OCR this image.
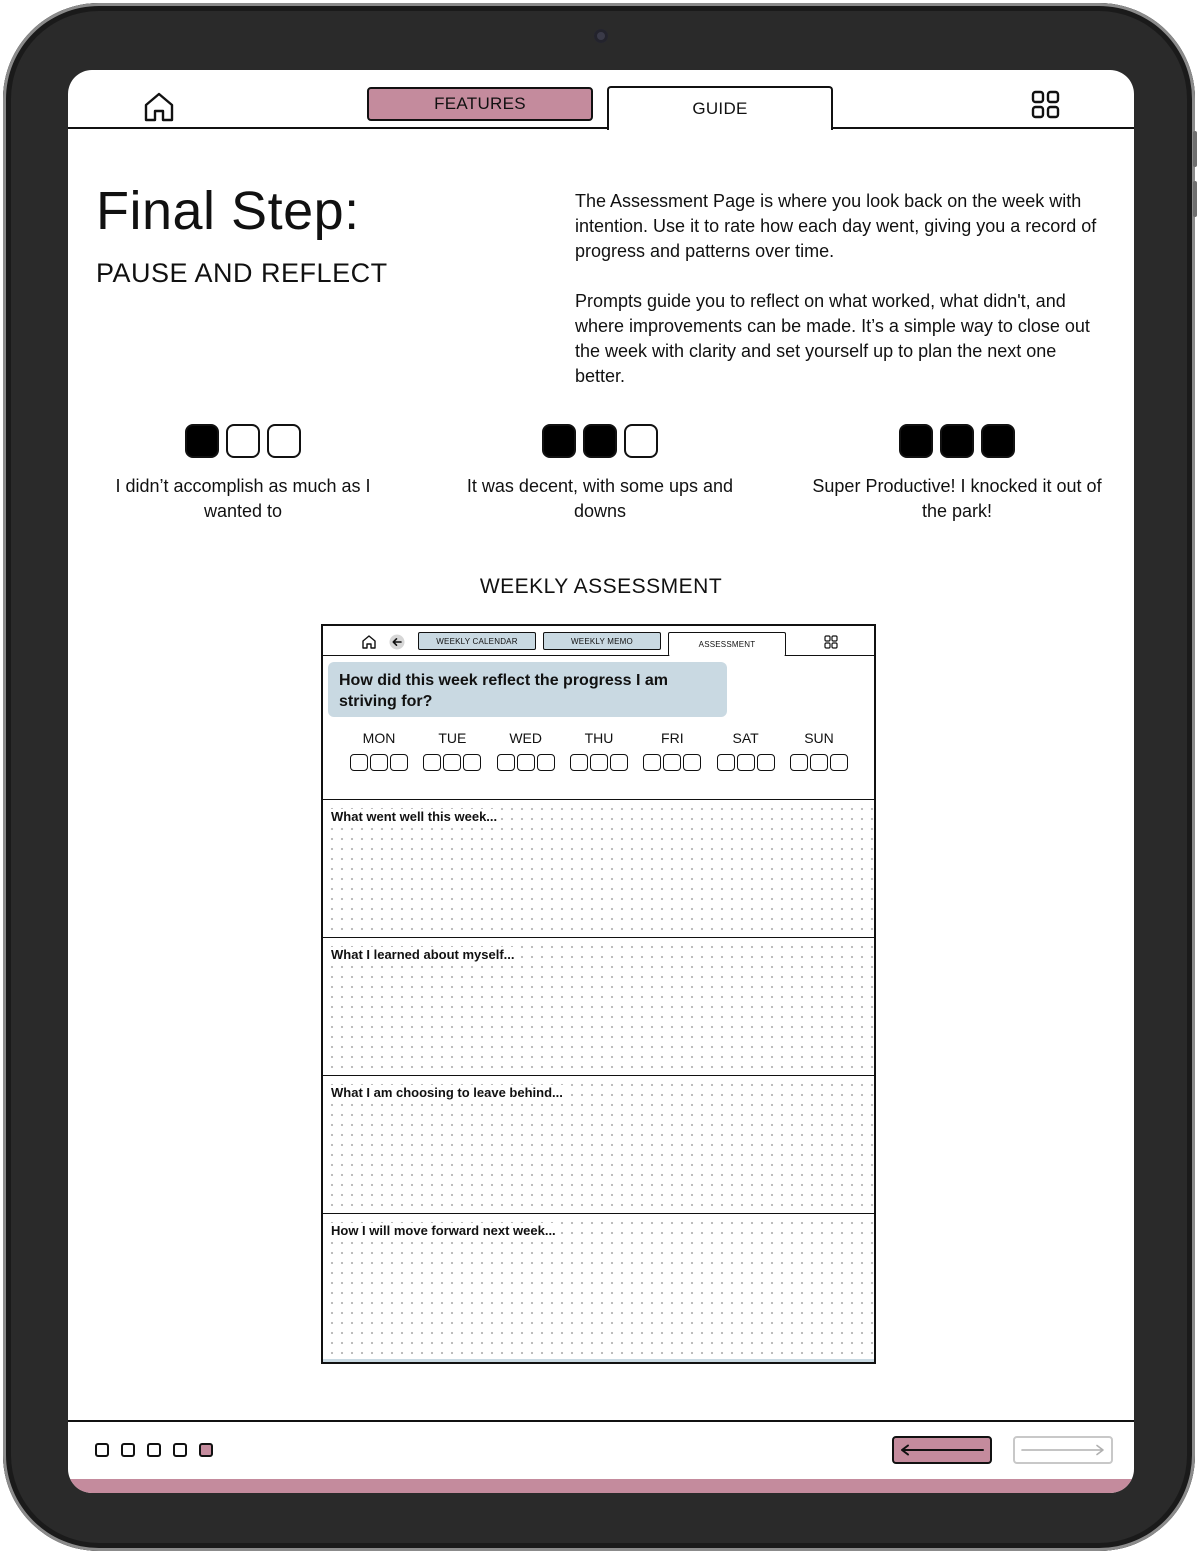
FEATURES	GUIDE
Final Step:
PAUSE AND REFLECT

The Assessment Page is where you look back on the week with intention. Use it to rate how each day went, giving you a record of progress and patterns over time.

Prompts guide you to reflect on what worked, what didn't, and where improvements can be made. It’s a simple way to close out the week with clarity and set yourself up to plan the next one better.

I didn’t accomplish as much as I wanted to
It was decent, with some ups and downs
Super Productive! I knocked it out of the park!
WEEKLY ASSESSMENT
WEEKLY CALENDAR	WEEKLY MEMO	ASSESSMENT
How did this week reflect the progress I am striving for?
MON	TUE	WED	THU	FRI	SAT	SUN
What went well this week...
What I learned about myself...
What I am choosing to leave behind...
How I will move forward next week...
